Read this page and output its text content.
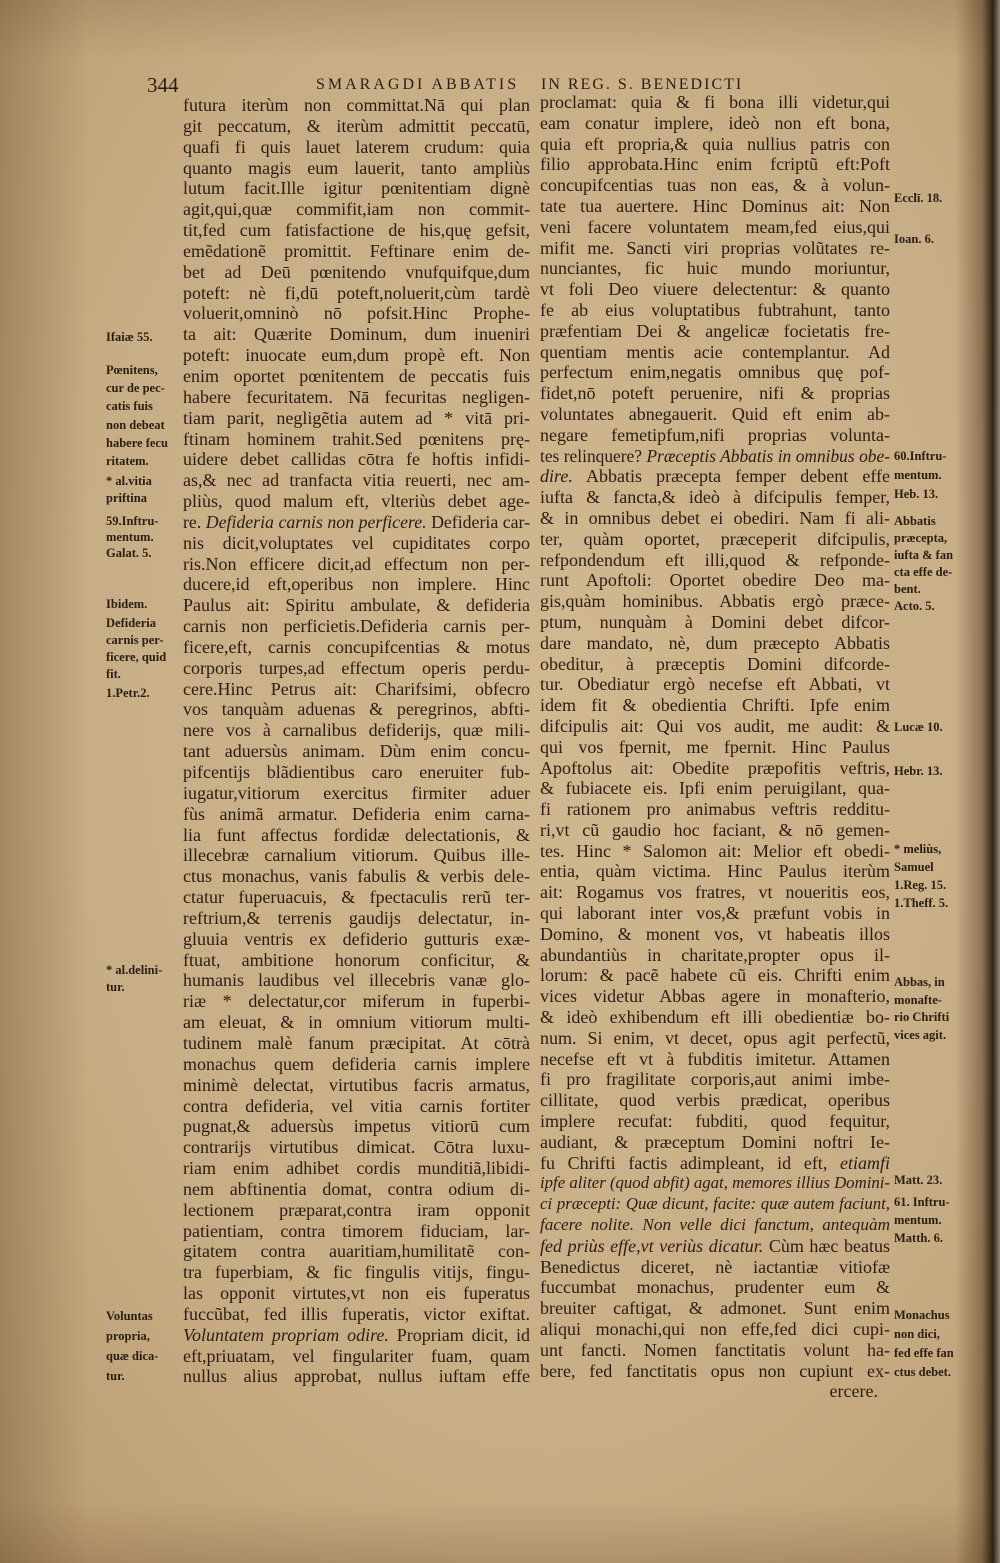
344	SMARAGDI ABBATIS IN REG. S. BENEDICTI
futura iterùm non committat.Nā qui plan
git peccatum, & iterùm admittit peccatū,
quafi fi quis lauet laterem crudum: quia
quanto magis eum lauerit, tanto ampliùs
lutum facit.Ille igitur pœnitentiam dignè
agit,qui,quæ commifit,iam non commit-
tit,fed cum fatisfactione de his,quę gefsit,
emẽdationẽ promittit. Feftinare enim de-
bet ad Deū pœnitendo vnufquifque,dum
poteft: nè fi,dū poteft,noluerit,cùm tardè
voluerit,omninò nō pofsit.Hinc Prophe-
ta ait: Quærite Dominum, dum inueniri
poteft: inuocate eum,dum propè eft. Non
enim oportet pœnitentem de peccatis fuis
habere fecuritatem. Nā fecuritas negligen-
tiam parit, negligẽtia autem ad * vitā pri-
ftinam hominem trahit.Sed pœnitens prę-
uidere debet callidas cōtra fe hoftis infidi-
as,& nec ad tranfacta vitia reuerti, nec am-
pliùs, quod malum eft, vlteriùs debet age-
re. Defideria carnis non perficere. Defideria car-
nis dicit,voluptates vel cupiditates corpo
ris.Non efficere dicit,ad effectum non per-
ducere,id eft,operibus non implere. Hinc
Paulus ait: Spiritu ambulate, & defideria
carnis non perficietis.Defideria carnis per-
ficere,eft, carnis concupifcentias & motus
corporis turpes,ad effectum operis perdu-
cere.Hinc Petrus ait: Charifsimi, obfecro
vos tanquàm aduenas & peregrinos, abfti-
nere vos à carnalibus defiderijs, quæ mili-
tant aduersùs animam. Dùm enim concu-
pifcentijs blãdientibus caro eneruiter fub-
iugatur,vitiorum exercitus firmiter aduer
fùs animã armatur. Defideria enim carna-
lia funt affectus fordidæ delectationis, &
illecebræ carnalium vitiorum. Quibus ille-
ctus monachus, vanis fabulis & verbis dele-
ctatur fuperuacuis, & fpectaculis rerũ ter-
reftrium,& terrenis gaudijs delectatur, in-
gluuia ventris ex defiderio gutturis exæ-
ftuat, ambitione honorum conficitur, &
humanis laudibus vel illecebris vanæ glo-
riæ * delectatur,cor miferum in fuperbi-
am eleuat, & in omnium vitiorum multi-
tudinem malè fanum præcipitat. At cōtrà
monachus quem defideria carnis implere
minimè delectat, virtutibus facris armatus,
contra defideria, vel vitia carnis fortiter
pugnat,& aduersùs impetus vitiorū cum
contrarijs virtutibus dimicat. Cōtra luxu-
riam enim adhibet cordis munditiã,libidi-
nem abftinentia domat, contra odium di-
lectionem præparat,contra iram opponit
patientiam, contra timorem fiduciam, lar-
gitatem contra auaritiam,humilitatẽ con-
tra fuperbiam, & fic fingulis vitijs, fingu-
las opponit virtutes,vt non eis fuperatus
fuccũbat, fed illis fuperatis, victor exiftat.
Voluntatem propriam odire. Propriam dicit, id
eft,priuatam, vel fingulariter fuam, quam
nullus alius approbat, nullus iuftam effe
proclamat: quia & fi bona illi videtur,qui
eam conatur implere, ideò non eft bona,
quia eft propria,& quia nullius patris con
filio approbata.Hinc enim fcriptũ eft:Poft
concupifcentias tuas non eas, & à volun-
tate tua auertere. Hinc Dominus ait: Non
veni facere voluntatem meam,fed eius,qui
mifit me. Sancti viri proprias volũtates re-
nunciantes, fic huic mundo moriuntur,
vt foli Deo viuere delectentur: & quanto
fe ab eius voluptatibus fubtrahunt, tanto
præfentiam Dei & angelicæ focietatis fre-
quentiam mentis acie contemplantur. Ad
perfectum enim,negatis omnibus quę pof-
fidet,nō poteft peruenire, nifi & proprias
voluntates abnegauerit. Quid eft enim ab-
negare femetipfum,nifi proprias volunta-
tes relinquere? Præceptis Abbatis in omnibus obe-
dire. Abbatis præcepta femper debent effe
iufta & fancta,& ideò à difcipulis femper,
& in omnibus debet ei obediri. Nam fi ali-
ter, quàm oportet, præceperit difcipulis,
refpondendum eft illi,quod & refponde-
runt Apoftoli: Oportet obedire Deo ma-
gis,quàm hominibus. Abbatis ergò præce-
ptum, nunquàm à Domini debet difcor-
dare mandato, nè, dum præcepto Abbatis
obeditur, à præceptis Domini difcorde-
tur. Obediatur ergò necefse eft Abbati, vt
idem fit & obedientia Chrifti. Ipfe enim
difcipulis ait: Qui vos audit, me audit: &
qui vos fpernit, me fpernit. Hinc Paulus
Apoftolus ait: Obedite præpofitis veftris,
& fubiacete eis. Ipfi enim peruigilant, qua-
fi rationem pro animabus veftris redditu-
ri,vt cũ gaudio hoc faciant, & nō gemen-
tes. Hinc * Salomon ait: Melior eft obedi-
entia, quàm victima. Hinc Paulus iterùm
ait: Rogamus vos fratres, vt noueritis eos,
qui laborant inter vos,& præfunt vobis in
Domino, & monent vos, vt habeatis illos
abundantiùs in charitate,propter opus il-
lorum: & pacẽ habete cũ eis. Chrifti enim
vices videtur Abbas agere in monafterio,
& ideò exhibendum eft illi obedientiæ bo-
num. Si enim, vt decet, opus agit perfectũ,
necefse eft vt à fubditis imitetur. Attamen
fi pro fragilitate corporis,aut animi imbe-
cillitate, quod verbis prædicat, operibus
implere recufat: fubditi, quod fequitur,
audiant, & præceptum Domini noftri Ie-
fu Chrifti factis adimpleant, id eft, etiamfi
ipfe aliter (quod abfit) agat, memores illius Domini-
ci præcepti: Quæ dicunt, facite: quæ autem faciunt,
facere nolite. Non velle dici fanctum, antequàm
fed priùs effe,vt veriùs dicatur. Cùm hæc beatus
Benedictus diceret, nè iactantiæ vitiofæ
fuccumbat monachus, prudenter eum &
breuiter caftigat, & admonet. Sunt enim
aliqui monachi,qui non effe,fed dici cupi-
unt fancti. Nomen fanctitatis volunt ha-
bere, fed fanctitatis opus non cupiunt ex-
ercere.
Ifaiæ 55.
Pœnitens,
cur de pec-
catis fuis
non debeat
habere fecu
ritatem.
* al.vitia
priftina
59.Inftru-
mentum.
Galat. 5.
Ibidem.
Defideria
carnis per-
ficere, quid
fit.
1.Petr.2.
* al.delini-
tur.
Voluntas
propria,
quæ dica-
tur.
Ecclī. 18.
Ioan. 6.
60.Inftru-
mentum.
Heb. 13.
Abbatis
præcepta,
iufta & fan
cta effe de-
bent.
Acto. 5.
Lucæ 10.
Hebr. 13.
* meliùs,
Samuel
1.Reg. 15.
1.Theff. 5.
Abbas, in
monafte-
rio Chrifti
vices agit.
Matt. 23.
61. Inftru-
mentum.
Matth. 6.
Monachus
non dici,
fed effe fan
ctus debet.
